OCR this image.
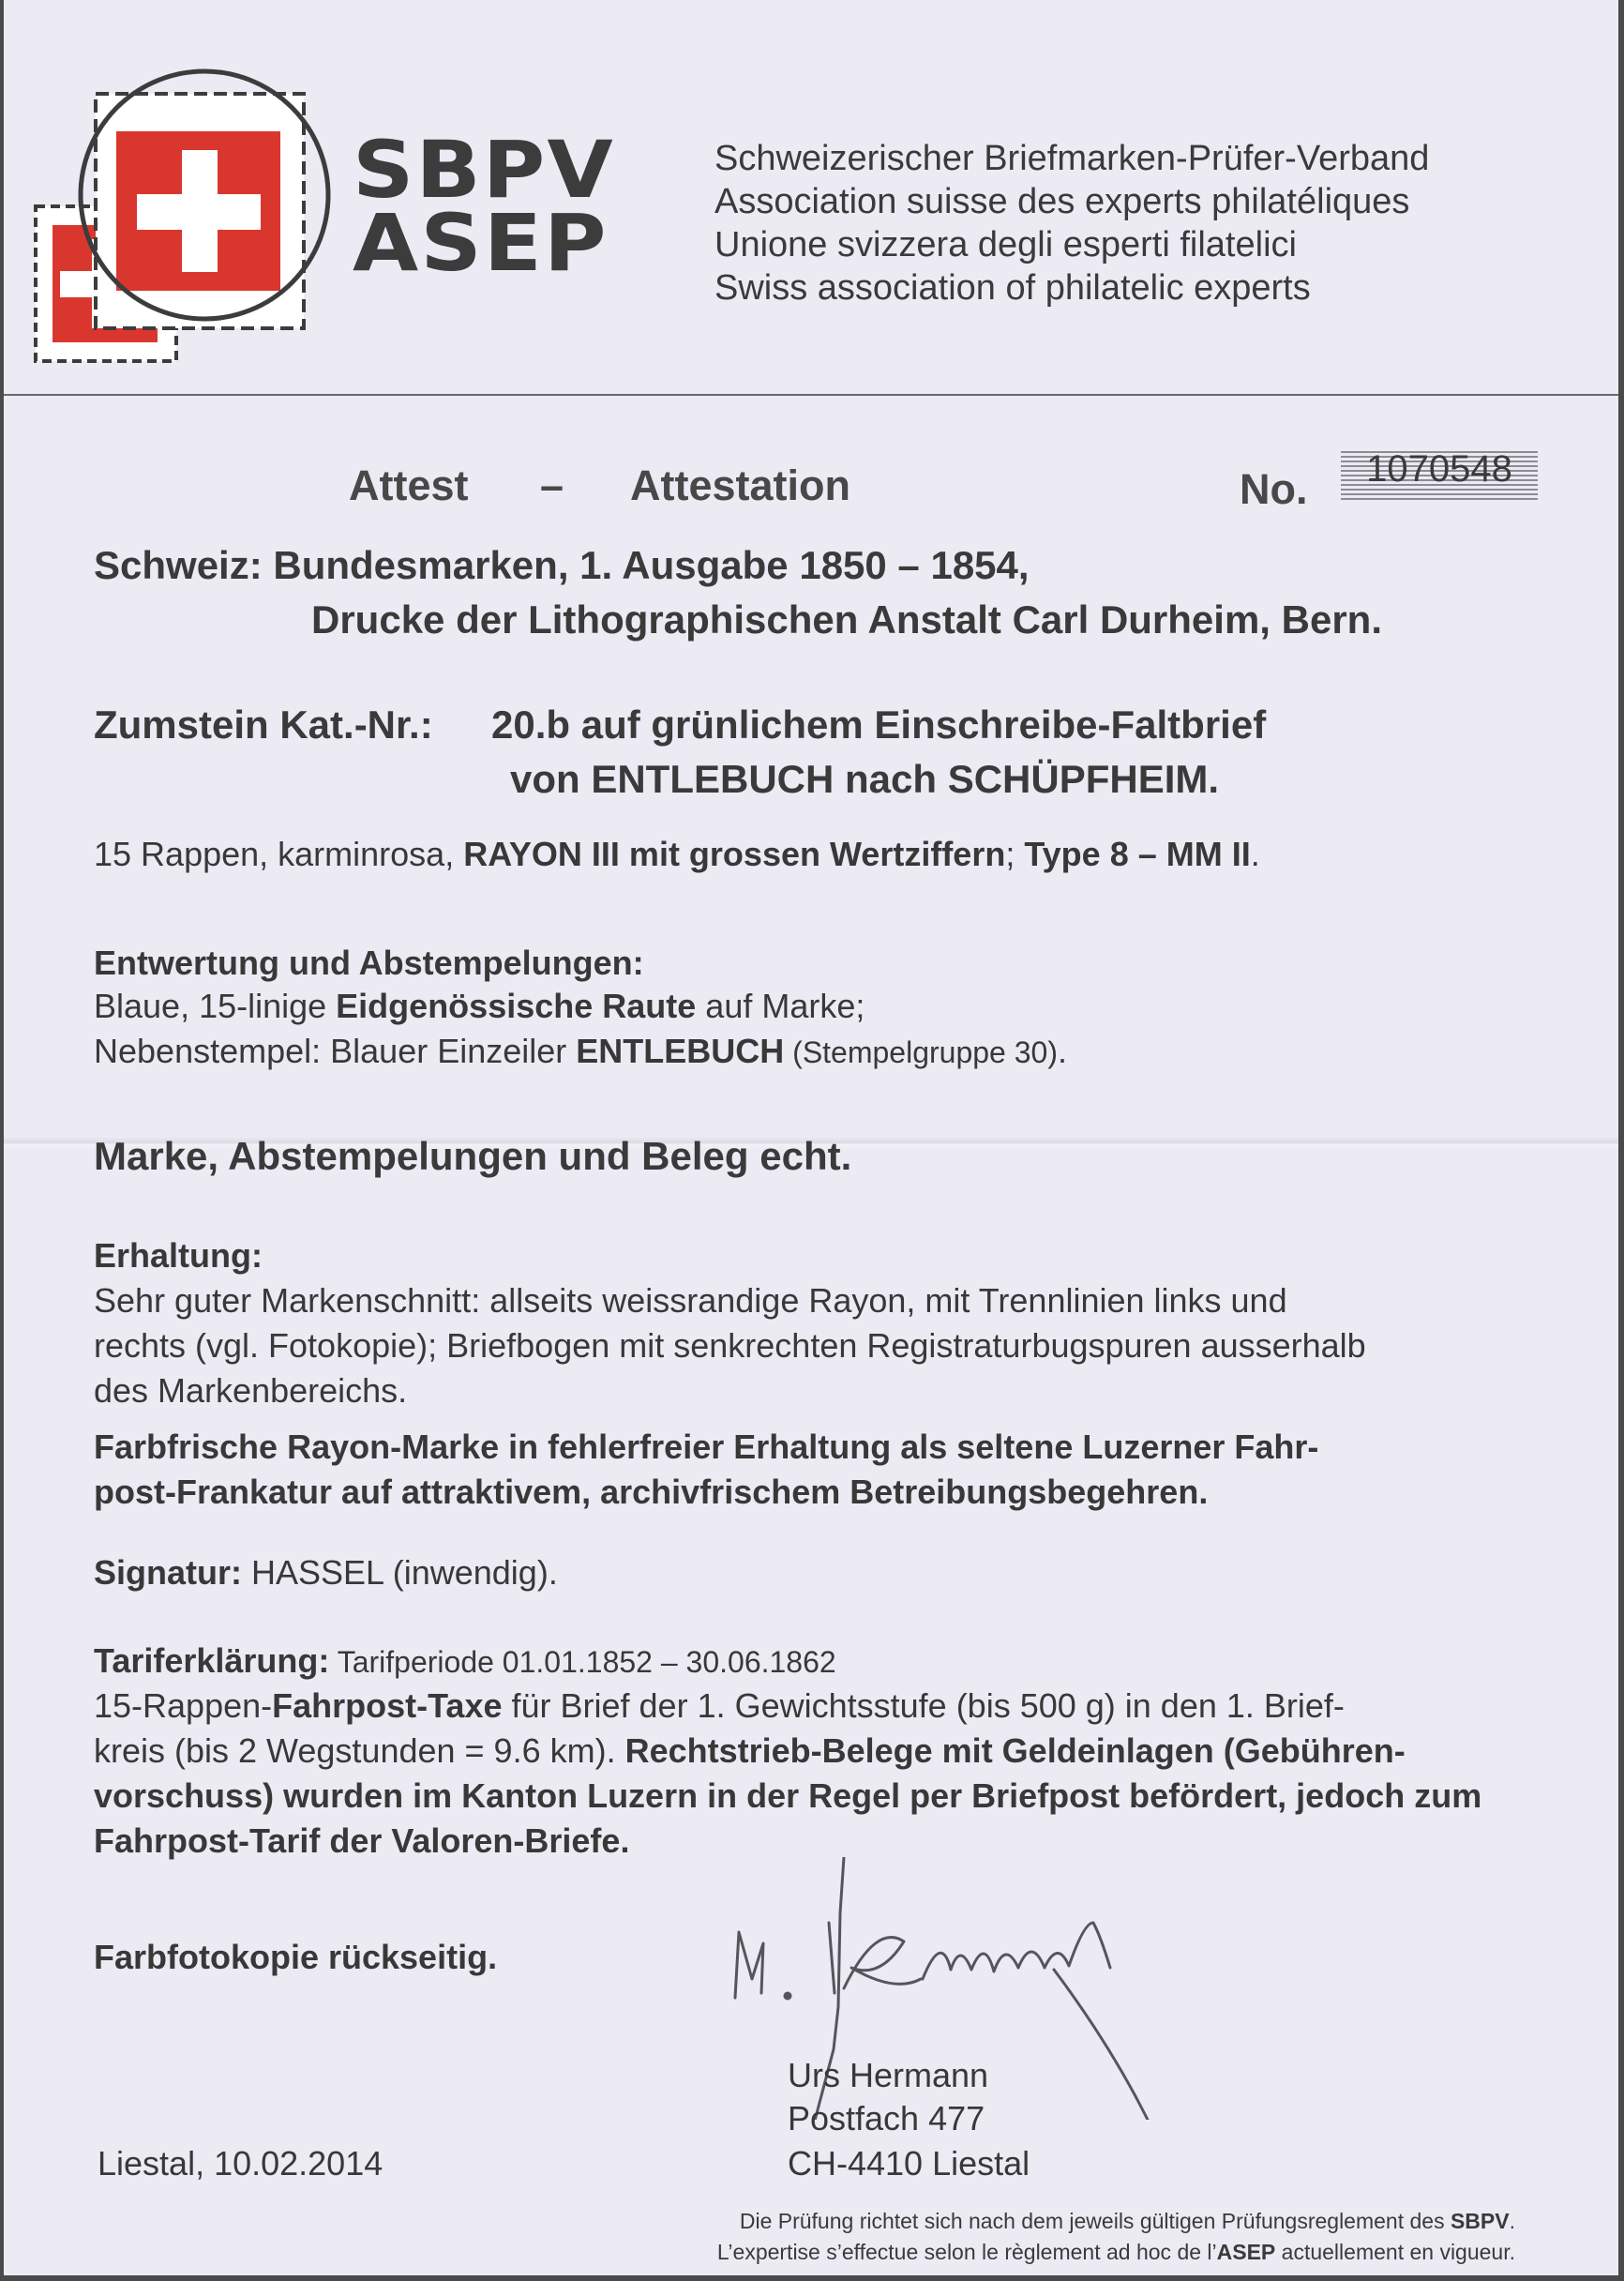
SBPV
ASEP
Schweizerischer Briefmarken-Prüfer-Verband
Association suisse des experts philatéliques
Unione svizzera degli esperti filatelici
Swiss association of philatelic experts
Attest – Attestation	No.	1070548
Schweiz: Bundesmarken, 1. Ausgabe 1850 – 1854,
Drucke der Lithographischen Anstalt Carl Durheim, Bern.
Zumstein Kat.-Nr.: 20.b auf grünlichem Einschreibe-Faltbrief
von ENTLEBUCH nach SCHÜPFHEIM.
15 Rappen, karminrosa, RAYON III mit grossen Wertziffern; Type 8 – MM II.
Entwertung und Abstempelungen:
Blaue, 15-linige Eidgenössische Raute auf Marke;
Nebenstempel: Blauer Einzeiler ENTLEBUCH (Stempelgruppe 30).
Marke, Abstempelungen und Beleg echt.
Erhaltung:
Sehr guter Markenschnitt: allseits weissrandige Rayon, mit Trennlinien links und
rechts (vgl. Fotokopie); Briefbogen mit senkrechten Registraturbugspuren ausserhalb
des Markenbereichs.
Farbfrische Rayon-Marke in fehlerfreier Erhaltung als seltene Luzerner Fahr-
post-Frankatur auf attraktivem, archivfrischem Betreibungsbegehren.
Signatur: HASSEL (inwendig).
Tariferklärung: Tarifperiode 01.01.1852 – 30.06.1862
15-Rappen-Fahrpost-Taxe für Brief der 1. Gewichtsstufe (bis 500 g) in den 1. Brief-
kreis (bis 2 Wegstunden = 9.6 km). Rechtstrieb-Belege mit Geldeinlagen (Gebühren-
vorschuss) wurden im Kanton Luzern in der Regel per Briefpost befördert, jedoch zum
Fahrpost-Tarif der Valoren-Briefe.
Farbfotokopie rückseitig.
Urs Hermann
Postfach 477
CH-4410 Liestal
Liestal, 10.02.2014
Die Prüfung richtet sich nach dem jeweils gültigen Prüfungsreglement des SBPV.
L’expertise s’effectue selon le règlement ad hoc de l’ASEP actuellement en vigueur.
